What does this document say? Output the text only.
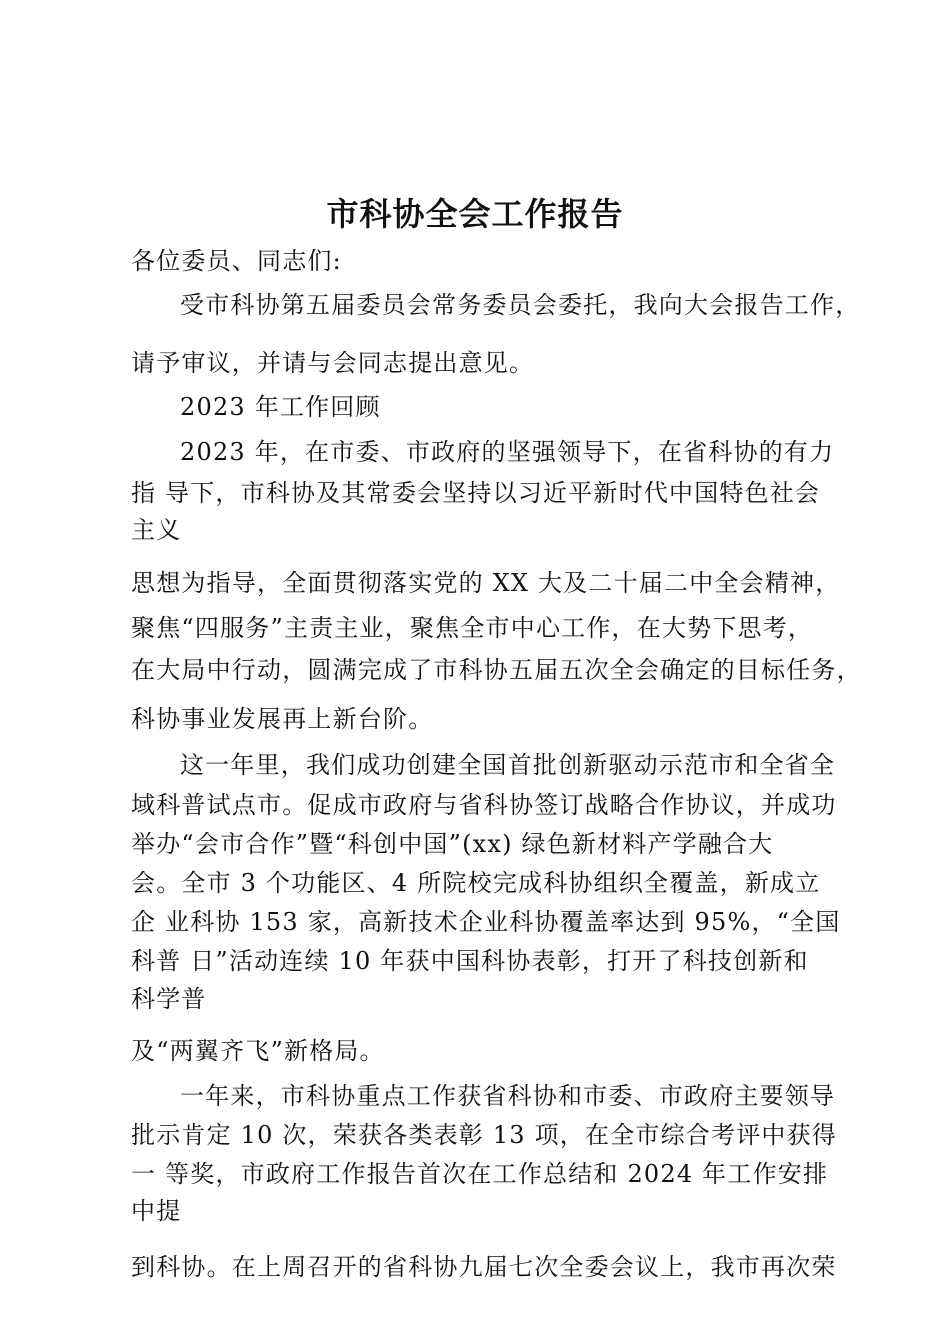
市科协全会工作报告
各位委员、同志们:
受市科协第五届委员会常务委员会委托，我向大会报告工作，
请予审议，并请与会同志提出意见。
2023 年工作回顾
2023 年，在市委、市政府的坚强领导下，在省科协的有力
指 导下，市科协及其常委会坚持以习近平新时代中国特色社会
主义
思想为指导，全面贯彻落实党的 XX 大及二十届二中全会精神，
聚焦“四服务”主责主业，聚焦全市中心工作，在大势下思考，
在大局中行动，圆满完成了市科协五届五次全会确定的目标任务，
科协事业发展再上新台阶。
这一年里，我们成功创建全国首批创新驱动示范市和全省全
域科普试点市。促成市政府与省科协签订战略合作协议，并成功
举办“会市合作”暨“科创中国”(xx) 绿色新材料产学融合大
会。全市 3 个功能区、4 所院校完成科协组织全覆盖，新成立
企 业科协 153 家，高新技术企业科协覆盖率达到 95%，“全国
科普 日”活动连续 10 年获中国科协表彰，打开了科技创新和
科学普
及“两翼齐飞”新格局。
一年来，市科协重点工作获省科协和市委、市政府主要领导
批示肯定 10 次，荣获各类表彰 13 项，在全市综合考评中获得
一 等奖，市政府工作报告首次在工作总结和 2024 年工作安排
中提
到科协。在上周召开的省科协九届七次全委会议上，我市再次荣
